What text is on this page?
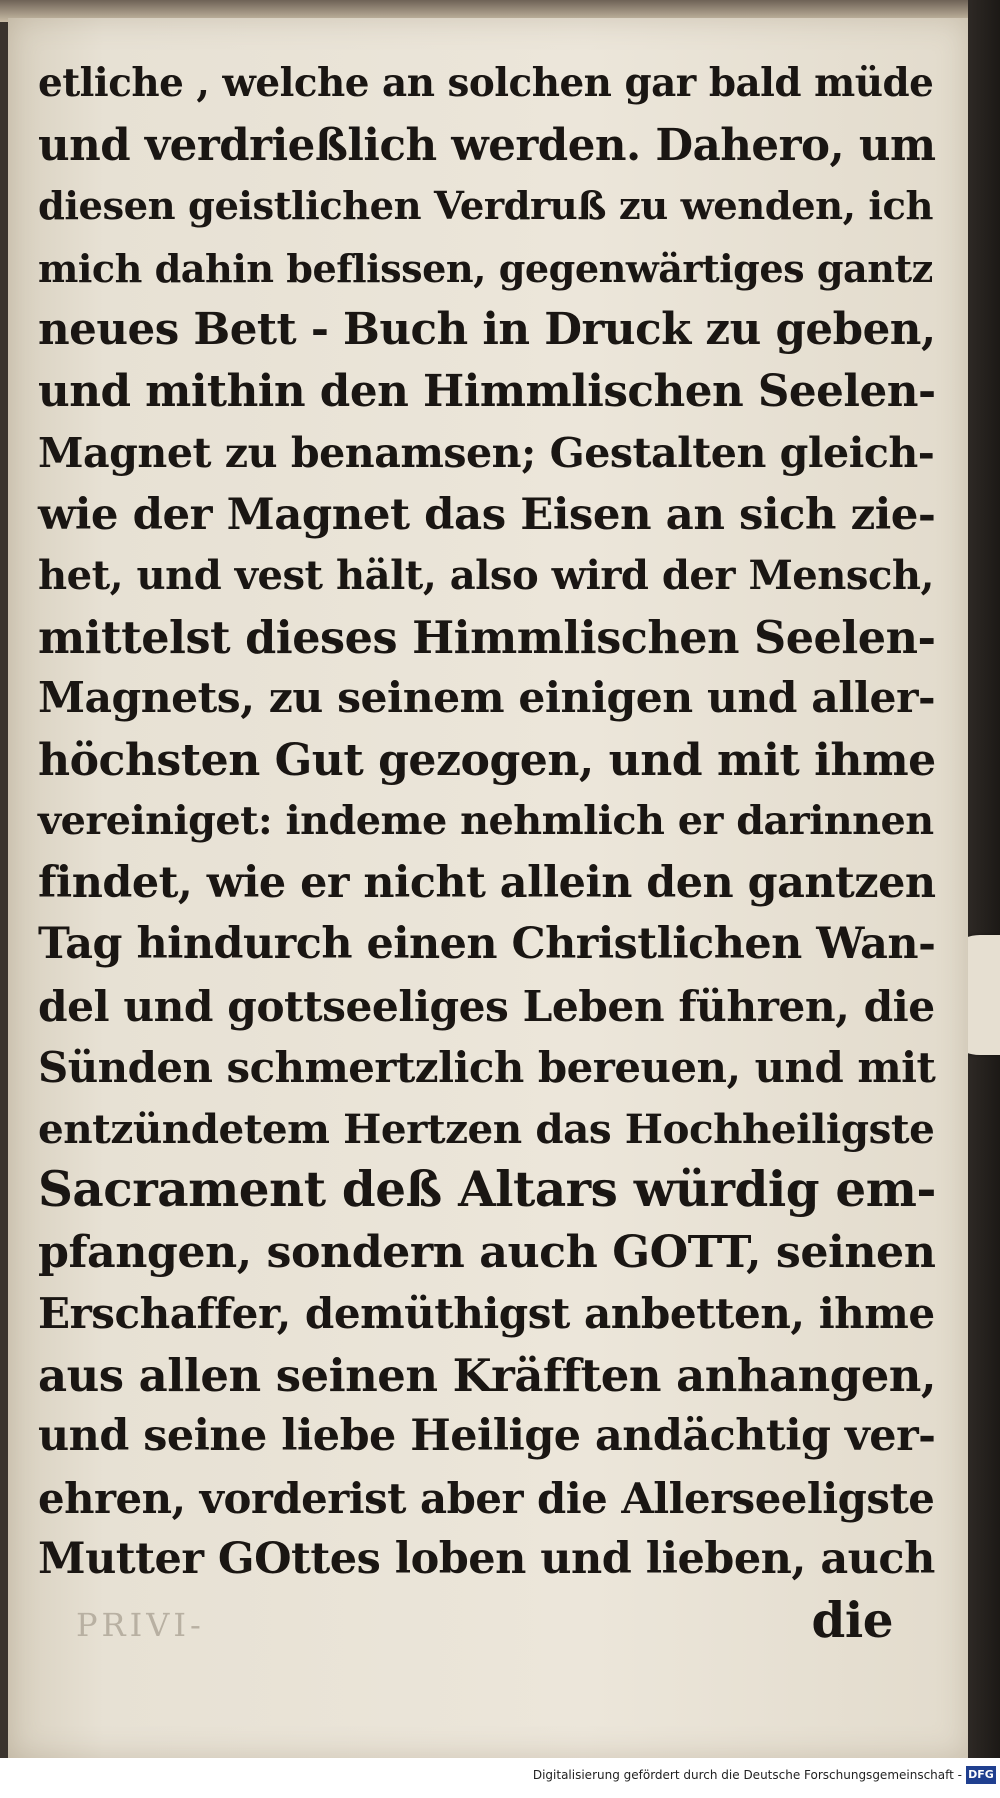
etliche , welche an solchen gar bald müde
und verdrießlich werden. Dahero, um
diesen geistlichen Verdruß zu wenden, ich
mich dahin beflissen, gegenwärtiges gantz
neues Bett - Buch in Druck zu geben,
und mithin den Himmlischen Seelen-
Magnet zu benamsen; Gestalten gleich-
wie der Magnet das Eisen an sich zie-
het, und vest hält, also wird der Mensch,
mittelst dieses Himmlischen Seelen-
Magnets, zu seinem einigen und aller-
höchsten Gut gezogen, und mit ihme
vereiniget: indeme nehmlich er darinnen
findet, wie er nicht allein den gantzen
Tag hindurch einen Christlichen Wan-
del und gottseeliges Leben führen, die
Sünden schmertzlich bereuen, und mit
entzündetem Hertzen das Hochheiligste
Sacrament deß Altars würdig em-
pfangen, sondern auch GOTT, seinen
Erschaffer, demüthigst anbetten, ihme
aus allen seinen Kräfften anhangen,
und seine liebe Heilige andächtig ver-
ehren, vorderist aber die Allerseeligste
Mutter GOttes loben und lieben, auch
die
PRIVI-
Digitalisierung gefördert durch die Deutsche Forschungsgemeinschaft - DFG
